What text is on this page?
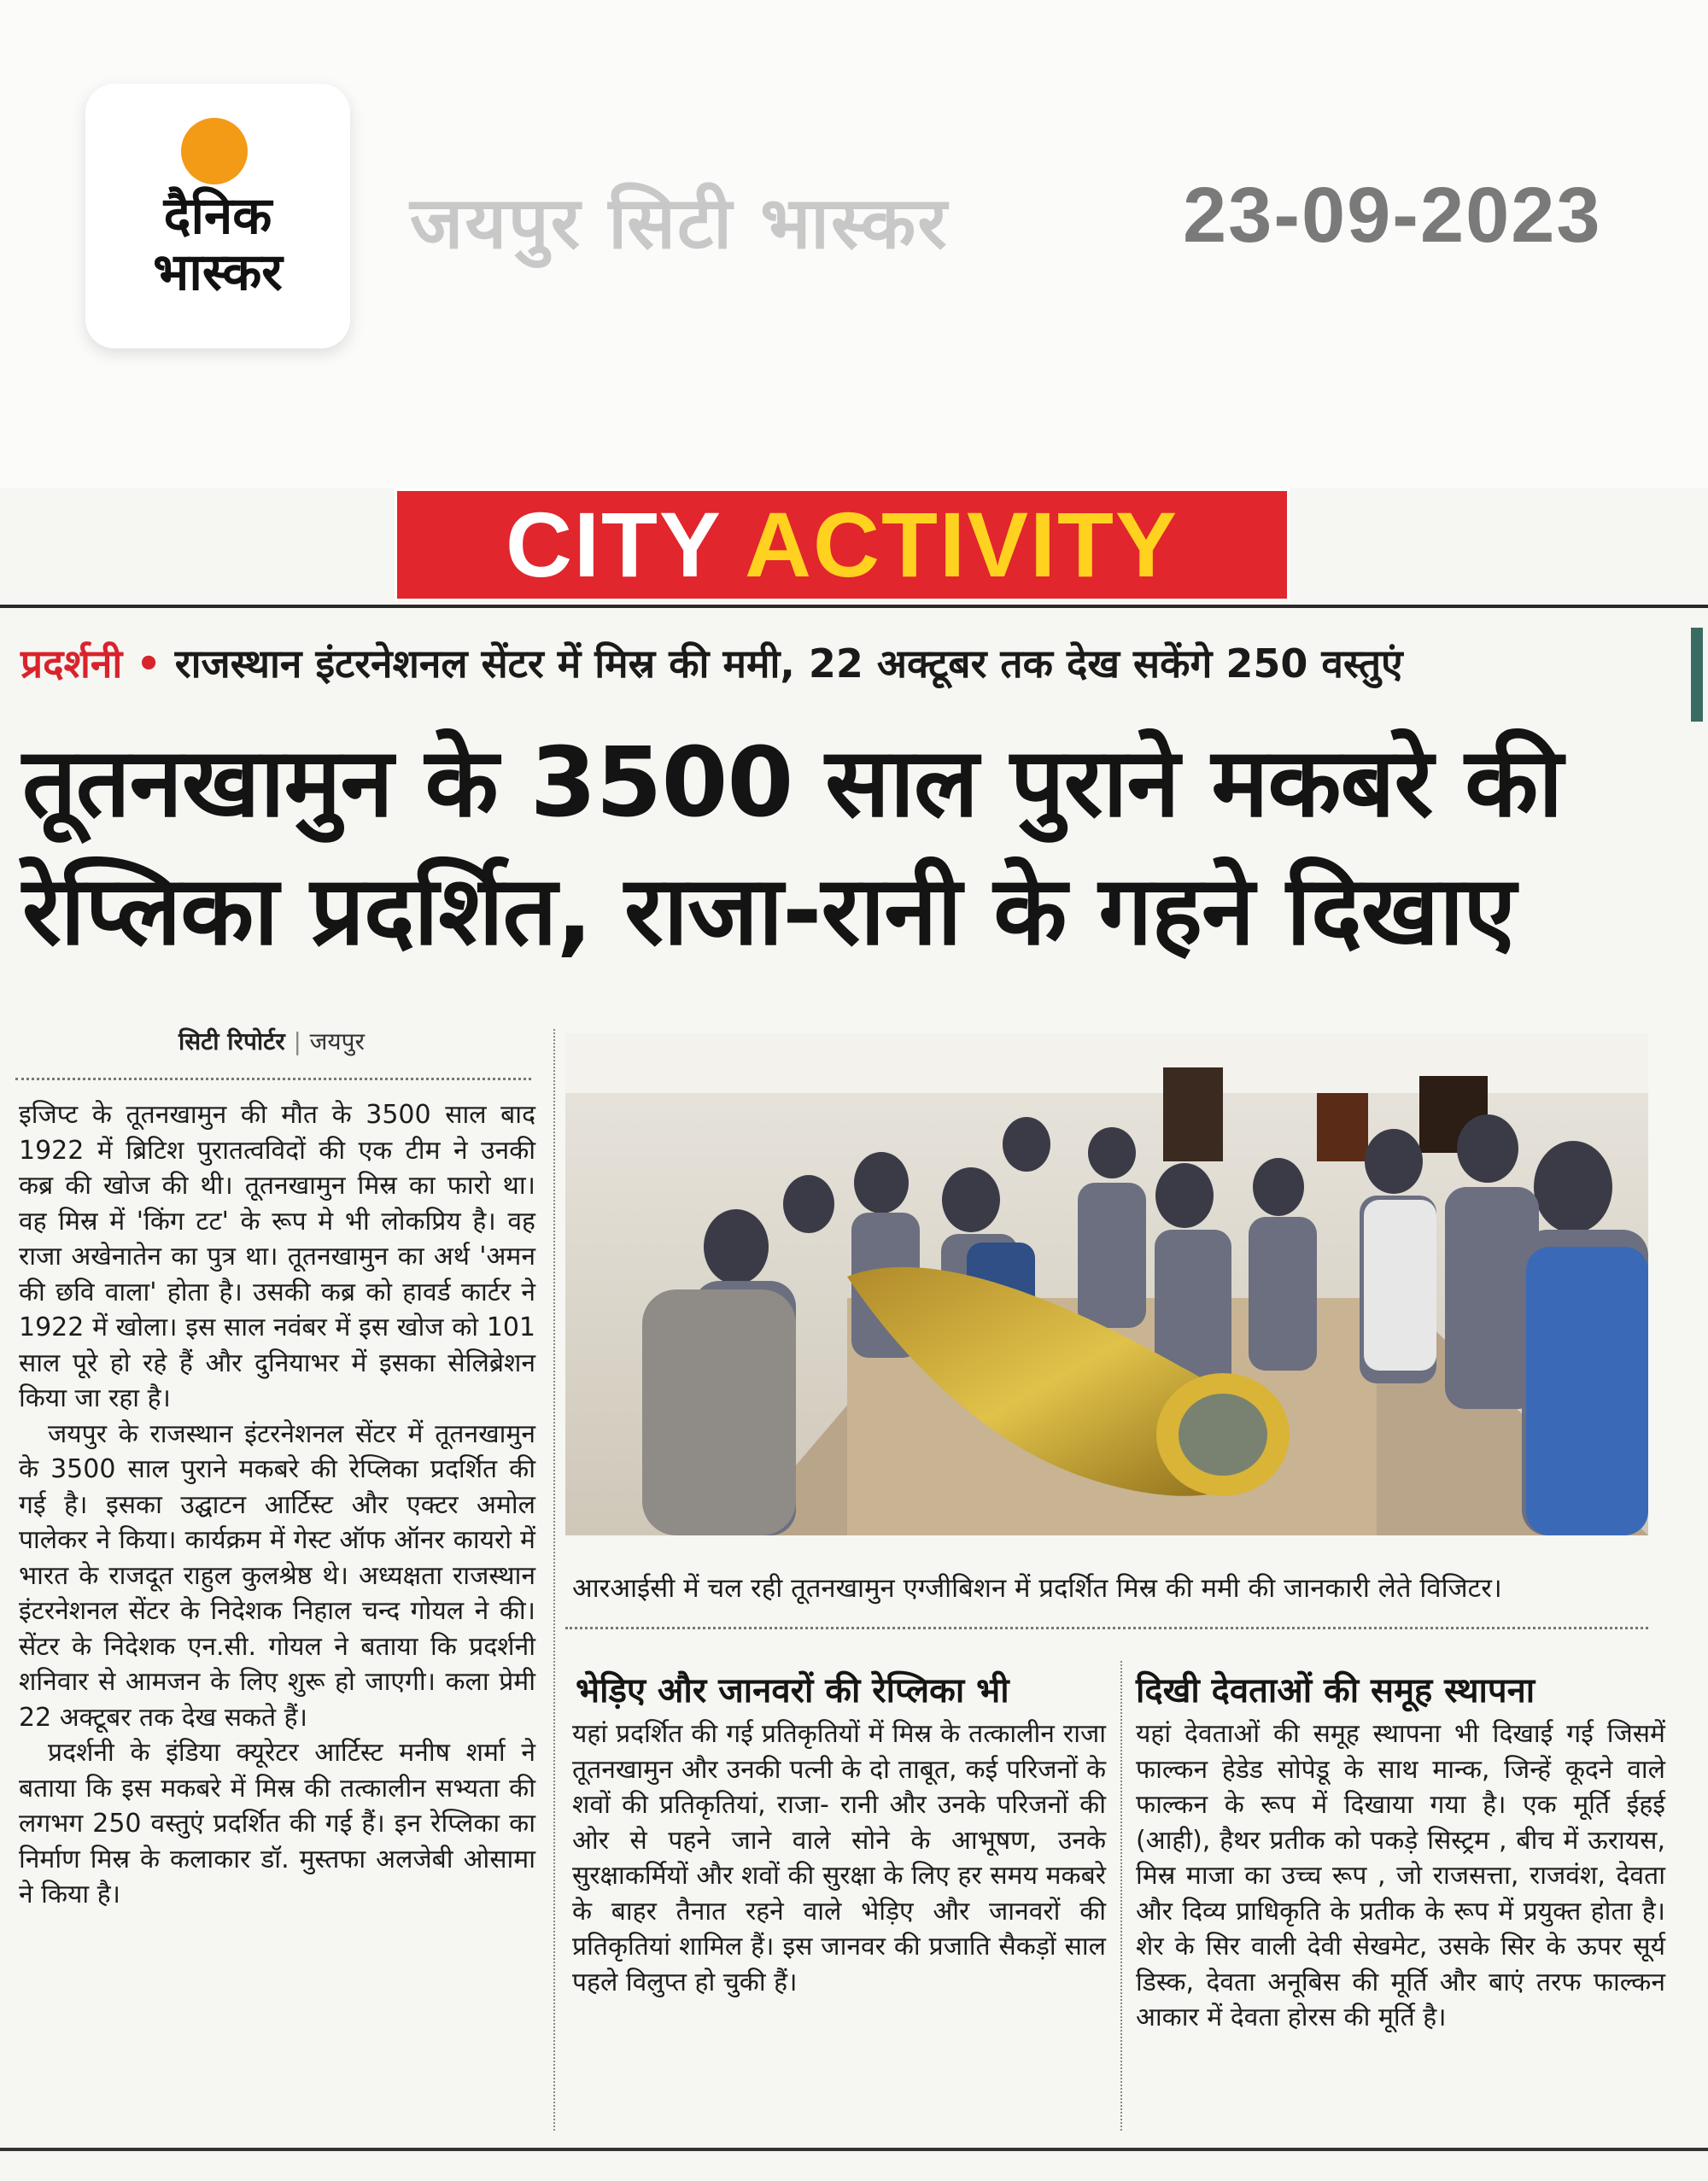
दैनिक
भास्कर
जयपुर सिटी भास्कर	23-09-2023
CITY ACTIVITY
प्रदर्शनी • राजस्थान इंटरनेशनल सेंटर में मिस्र की ममी, 22 अक्टूबर तक देख सकेंगे 250 वस्तुएं
तूतनखामुन के 3500 साल पुराने मकबरे की
रेप्लिका प्रदर्शित, राजा-रानी के गहने दिखाए
सिटी रिपोर्टर | जयपुर

इजिप्ट के तूतनखामुन की मौत के 3500 साल बाद 1922 में ब्रिटिश पुरातत्वविदों की एक टीम ने उनकी कब्र की खोज की थी। तूतनखामुन मिस्र का फारो था। वह मिस्र में 'किंग टट' के रूप मे भी लोकप्रिय है। वह राजा अखेनातेन का पुत्र था। तूतनखामुन का अर्थ 'अमन की छवि वाला' होता है। उसकी कब्र को हावर्ड कार्टर ने 1922 में खोला। इस साल नवंबर में इस खोज को 101 साल पूरे हो रहे हैं और दुनियाभर में इसका सेलिब्रेशन किया जा रहा है।

जयपुर के राजस्थान इंटरनेशनल सेंटर में तूतनखामुन के 3500 साल पुराने मकबरे की रेप्लिका प्रदर्शित की गई है। इसका उद्घाटन आर्टिस्ट और एक्टर अमोल पालेकर ने किया। कार्यक्रम में गेस्ट ऑफ ऑनर कायरो में भारत के राजदूत राहुल कुलश्रेष्ठ थे। अध्यक्षता राजस्थान इंटरनेशनल सेंटर के निदेशक निहाल चन्द गोयल ने की। सेंटर के निदेशक एन.सी. गोयल ने बताया कि प्रदर्शनी शनिवार से आमजन के लिए शुरू हो जाएगी। कला प्रेमी 22 अक्टूबर तक देख सकते हैं।

प्रदर्शनी के इंडिया क्यूरेटर आर्टिस्ट मनीष शर्मा ने बताया कि इस मकबरे में मिस्र की तत्कालीन सभ्यता की लगभग 250 वस्तुएं प्रदर्शित की गई हैं। इन रेप्लिका का निर्माण मिस्र के कलाकार डॉ. मुस्तफा अलजेबी ओसामा ने किया है।

आरआईसी में चल रही तूतनखामुन एग्जीबिशन में प्रदर्शित मिस्र की ममी की जानकारी लेते विजिटर।
भेड़िए और जानवरों की रेप्लिका भी

यहां प्रदर्शित की गई प्रतिकृतियों में मिस्र के तत्कालीन राजा तूतनखामुन और उनकी पत्नी के दो ताबूत, कई परिजनों के शवों की प्रतिकृतियां, राजा- रानी और उनके परिजनों की ओर से पहने जाने वाले सोने के आभूषण, उनके सुरक्षाकर्मियों और शवों की सुरक्षा के लिए हर समय मकबरे के बाहर तैनात रहने वाले भेड़िए और जानवरों की प्रतिकृतियां शामिल हैं। इस जानवर की प्रजाति सैकड़ों साल पहले विलुप्त हो चुकी हैं।

दिखी देवताओं की समूह स्थापना

यहां देवताओं की समूह स्थापना भी दिखाई गई जिसमें फाल्कन हेडेड सोपेडू के साथ मान्क, जिन्हें कूदने वाले फाल्कन के रूप में दिखाया गया है। एक मूर्ति ईहई (आही), हैथर प्रतीक को पकड़े सिस्ट्रम , बीच में ऊरायस, मिस्र माजा का उच्च रूप , जो राजसत्ता, राजवंश, देवता और दिव्य प्राधिकृति के प्रतीक के रूप में प्रयुक्त होता है। शेर के सिर वाली देवी सेखमेट, उसके सिर के ऊपर सूर्य डिस्क, देवता अनूबिस की मूर्ति और बाएं तरफ फाल्कन आकार में देवता होरस की मूर्ति है।
